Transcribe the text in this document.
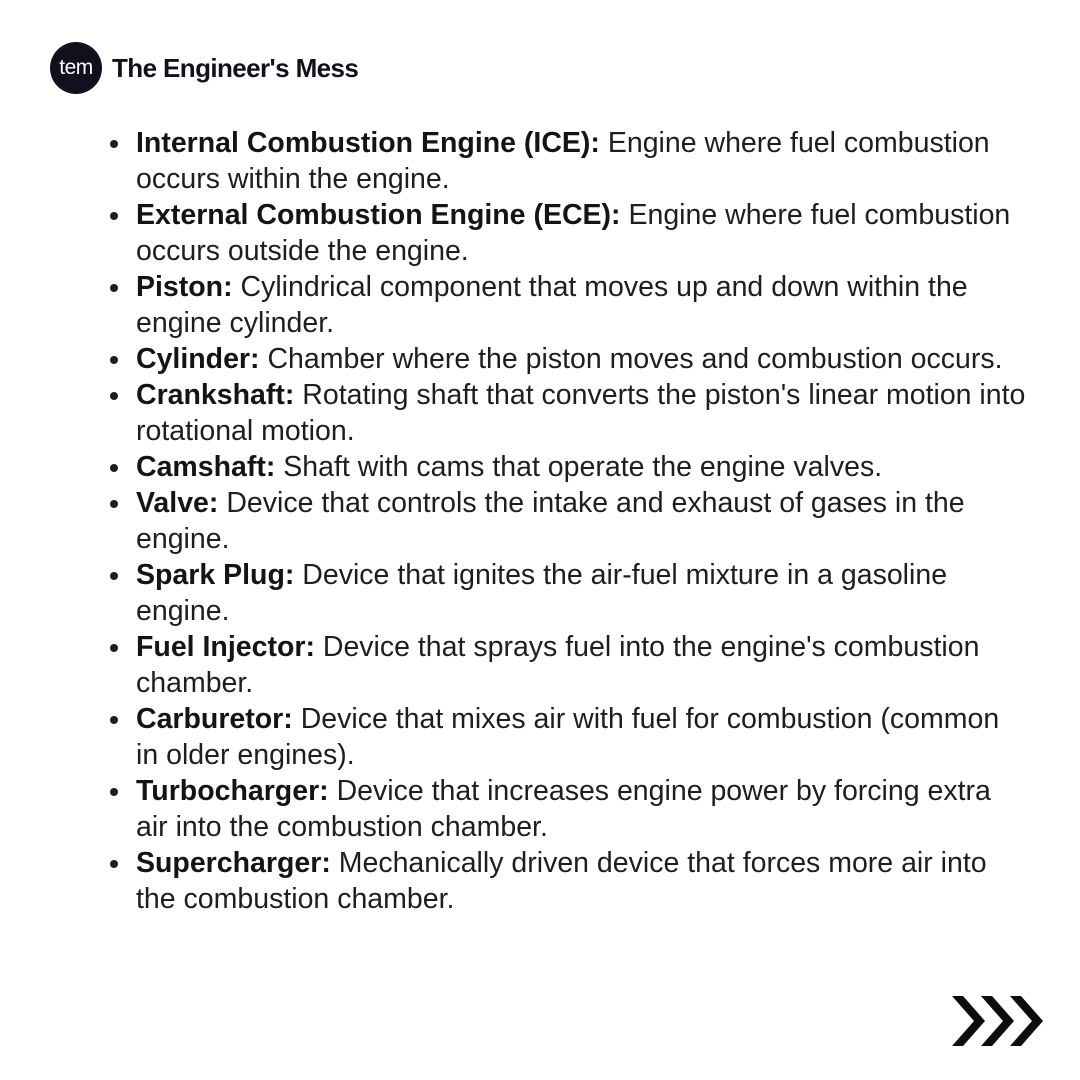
tem The Engineer's Mess
Internal Combustion Engine (ICE): Engine where fuel combustion occurs within the engine.
External Combustion Engine (ECE): Engine where fuel combustion occurs outside the engine.
Piston: Cylindrical component that moves up and down within the engine cylinder.
Cylinder: Chamber where the piston moves and combustion occurs.
Crankshaft: Rotating shaft that converts the piston's linear motion into rotational motion.
Camshaft: Shaft with cams that operate the engine valves.
Valve: Device that controls the intake and exhaust of gases in the engine.
Spark Plug: Device that ignites the air-fuel mixture in a gasoline engine.
Fuel Injector: Device that sprays fuel into the engine's combustion chamber.
Carburetor: Device that mixes air with fuel for combustion (common in older engines).
Turbocharger: Device that increases engine power by forcing extra air into the combustion chamber.
Supercharger: Mechanically driven device that forces more air into the combustion chamber.
